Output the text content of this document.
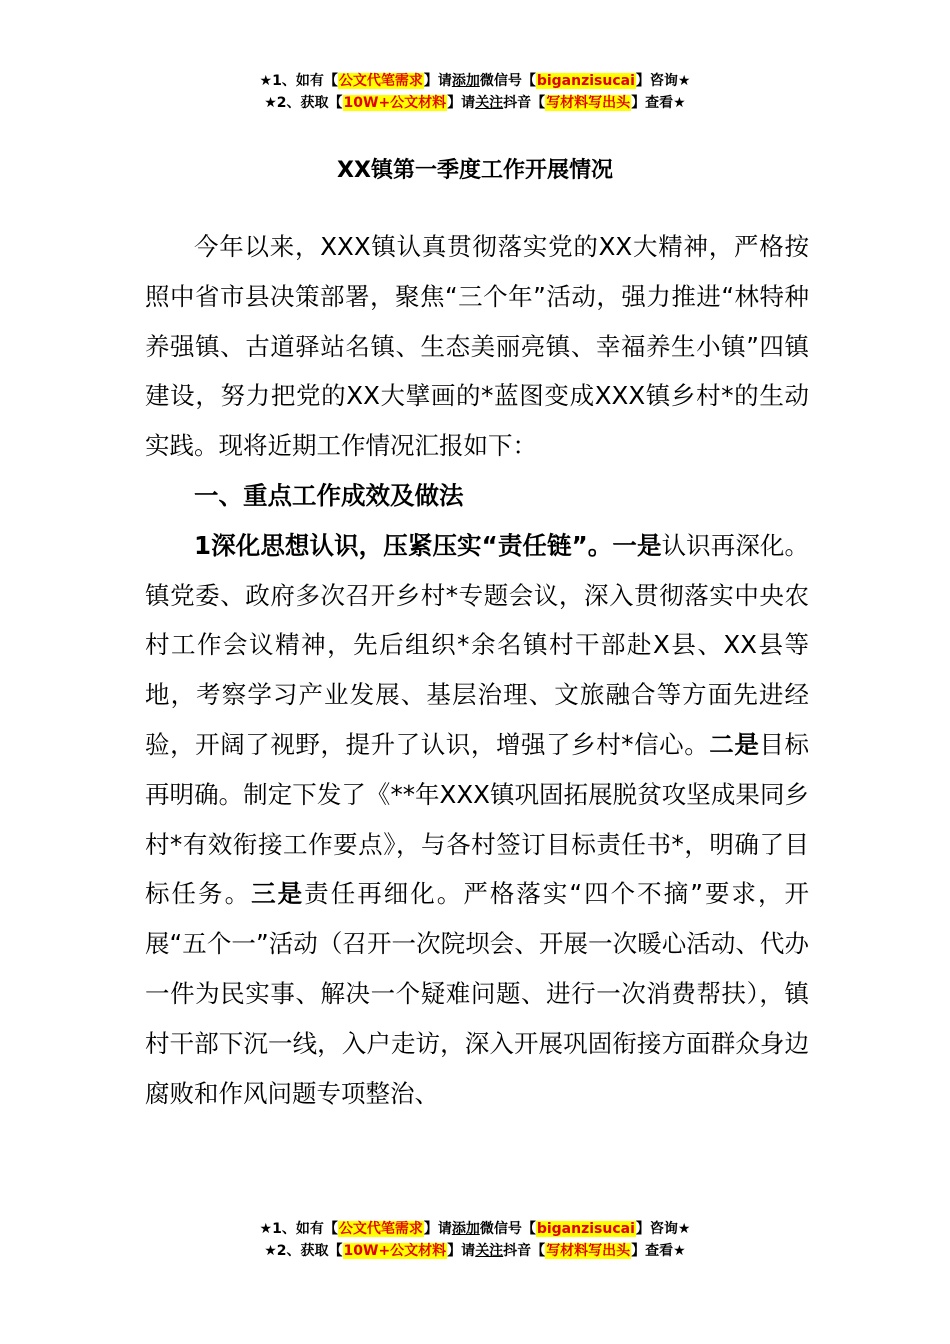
★1、如有【公文代笔需求】请添加微信号【biganzisucai】咨询★
★2、获取【10W+公文材料】请关注抖音【写材料写出头】查看★
XX镇第一季度工作开展情况

今年以来，XXX镇认真贯彻落实党的XX大精神，严格按照中省市县决策部署，聚焦“三个年”活动，强力推进“林特种养强镇、古道驿站名镇、生态美丽亮镇、幸福养生小镇”四镇建设，努力把党的XX大擘画的*蓝图变成XXX镇乡村*的生动实践。现将近期工作情况汇报如下：

一、重点工作成效及做法

1深化思想认识，压紧压实“责任链”。一是认识再深化。镇党委、政府多次召开乡村*专题会议，深入贯彻落实中央农村工作会议精神，先后组织*余名镇村干部赴X县、XX县等地，考察学习产业发展、基层治理、文旅融合等方面先进经验，开阔了视野，提升了认识，增强了乡村*信心。二是目标再明确。制定下发了《**年XXX镇巩固拓展脱贫攻坚成果同乡村*有效衔接工作要点》，与各村签订目标责任书*，明确了目标任务。三是责任再细化。严格落实“四个不摘”要求，开展“五个一”活动（召开一次院坝会、开展一次暖心活动、代办一件为民实事、解决一个疑难问题、进行一次消费帮扶），镇村干部下沉一线，入户走访，深入开展巩固衔接方面群众身边腐败和作风问题专项整治、

★1、如有【公文代笔需求】请添加微信号【biganzisucai】咨询★
★2、获取【10W+公文材料】请关注抖音【写材料写出头】查看★
